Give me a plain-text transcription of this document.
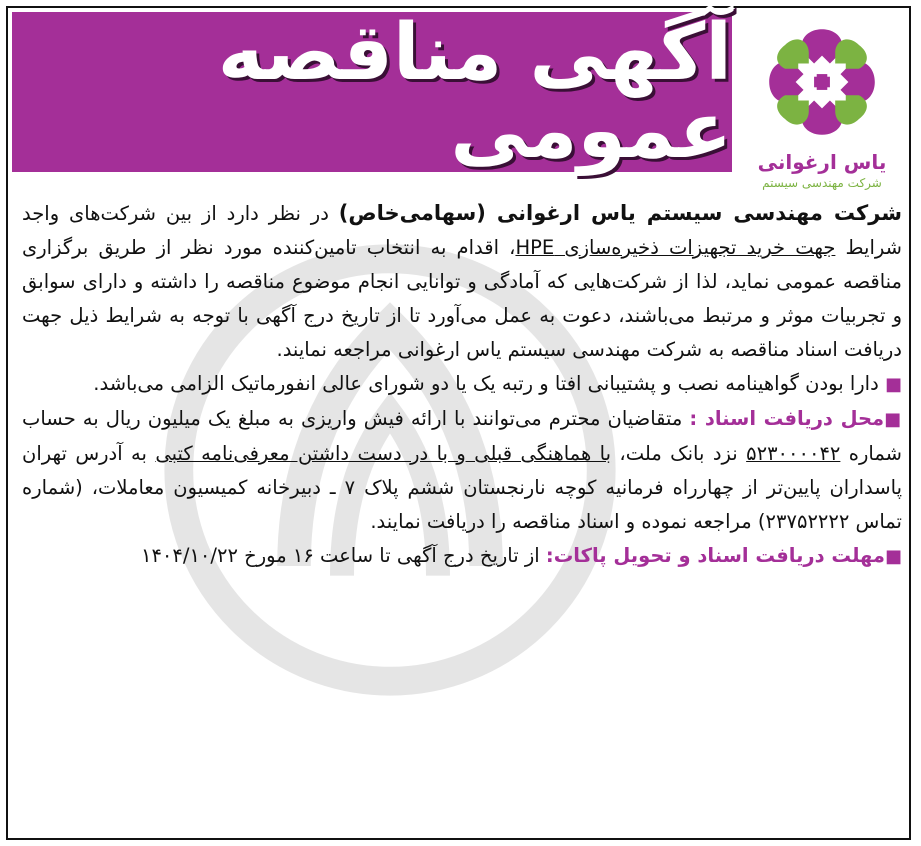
آگهی مناقصه عمومی یاس ارغوانی
شرکت مهندسی سیستم

شرکت مهندسی سیستم یاس ارغوانی (سهامی‌خاص) در نظر دارد از بین شرکت‌های واجد شرایط جهت خرید تجهیزات ذخیره‌سازی HPE، اقدام به انتخاب تامین‌کننده مورد نظر از طریق برگزاری مناقصه عمومی نماید، لذا از شرکت‌هایی که آمادگی و توانایی انجام موضوع مناقصه را داشته و دارای سوابق و تجربیات موثر و مرتبط می‌باشند، دعوت به عمل می‌آورد تا از تاریخ درج آگهی با توجه به شرایط ذیل جهت دریافت اسناد مناقصه به شرکت مهندسی سیستم یاس ارغوانی مراجعه نمایند.

■ دارا بودن گواهینامه نصب و پشتیبانی افتا و رتبه یک یا دو شورای عالی انفورماتیک الزامی می‌باشد.

■محل دریافت اسناد : متقاضیان محترم می‌توانند با ارائه فیش واریزی به مبلغ یک میلیون ریال به حساب شماره ۵۲۳۰۰۰۰۴۲ نزد بانک ملت، با هماهنگی قبلی و با در دست داشتن معرفی‌نامه کتبی به آدرس تهران پاسداران پایین‌تر از چهارراه فرمانیه کوچه نارنجستان ششم پلاک ۷ ـ دبیرخانه کمیسیون معاملات، (شماره تماس ۲۳۷۵۲۲۲۲) مراجعه نموده و اسناد مناقصه را دریافت نمایند.

■مهلت دریافت اسناد و تحویل پاکات: از تاریخ درج آگهی تا ساعت ۱۶ مورخ ۱۴۰۴/۱۰/۲۲
